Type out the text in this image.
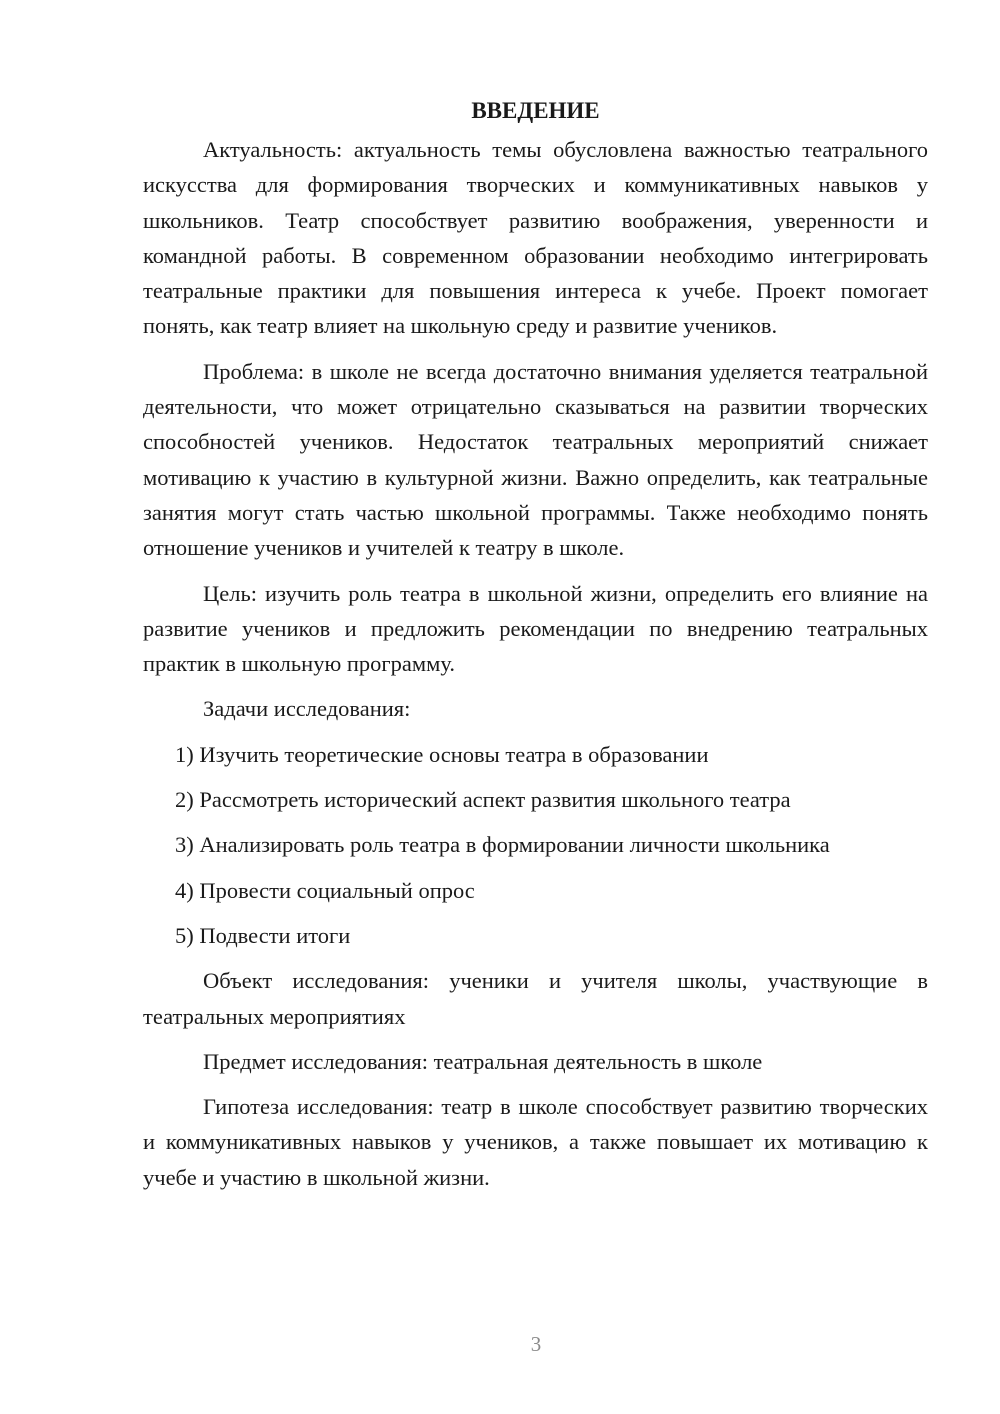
ВВЕДЕНИЕ

Актуальность: актуальность темы обусловлена важностью театрального искусства для формирования творческих и коммуникативных навыков у школьников. Театр способствует развитию воображения, уверенности и командной работы. В современном образовании необходимо интегрировать театральные практики для повышения интереса к учебе. Проект помогает понять, как театр влияет на школьную среду и развитие учеников.

Проблема: в школе не всегда достаточно внимания уделяется театральной деятельности, что может отрицательно сказываться на развитии творческих способностей учеников. Недостаток театральных мероприятий снижает мотивацию к участию в культурной жизни. Важно определить, как театральные занятия могут стать частью школьной программы. Также необходимо понять отношение учеников и учителей к театру в школе.

Цель: изучить роль театра в школьной жизни, определить его влияние на развитие учеников и предложить рекомендации по внедрению театральных практик в школьную программу.

Задачи исследования:

1) Изучить теоретические основы театра в образовании
2) Рассмотреть исторический аспект развития школьного театра
3) Анализировать роль театра в формировании личности школьника
4) Провести социальный опрос
5) Подвести итоги

Объект исследования: ученики и учителя школы, участвующие в театральных мероприятиях

Предмет исследования: театральная деятельность в школе

Гипотеза исследования: театр в школе способствует развитию творческих и коммуникативных навыков у учеников, а также повышает их мотивацию к учебе и участию в школьной жизни.

3
